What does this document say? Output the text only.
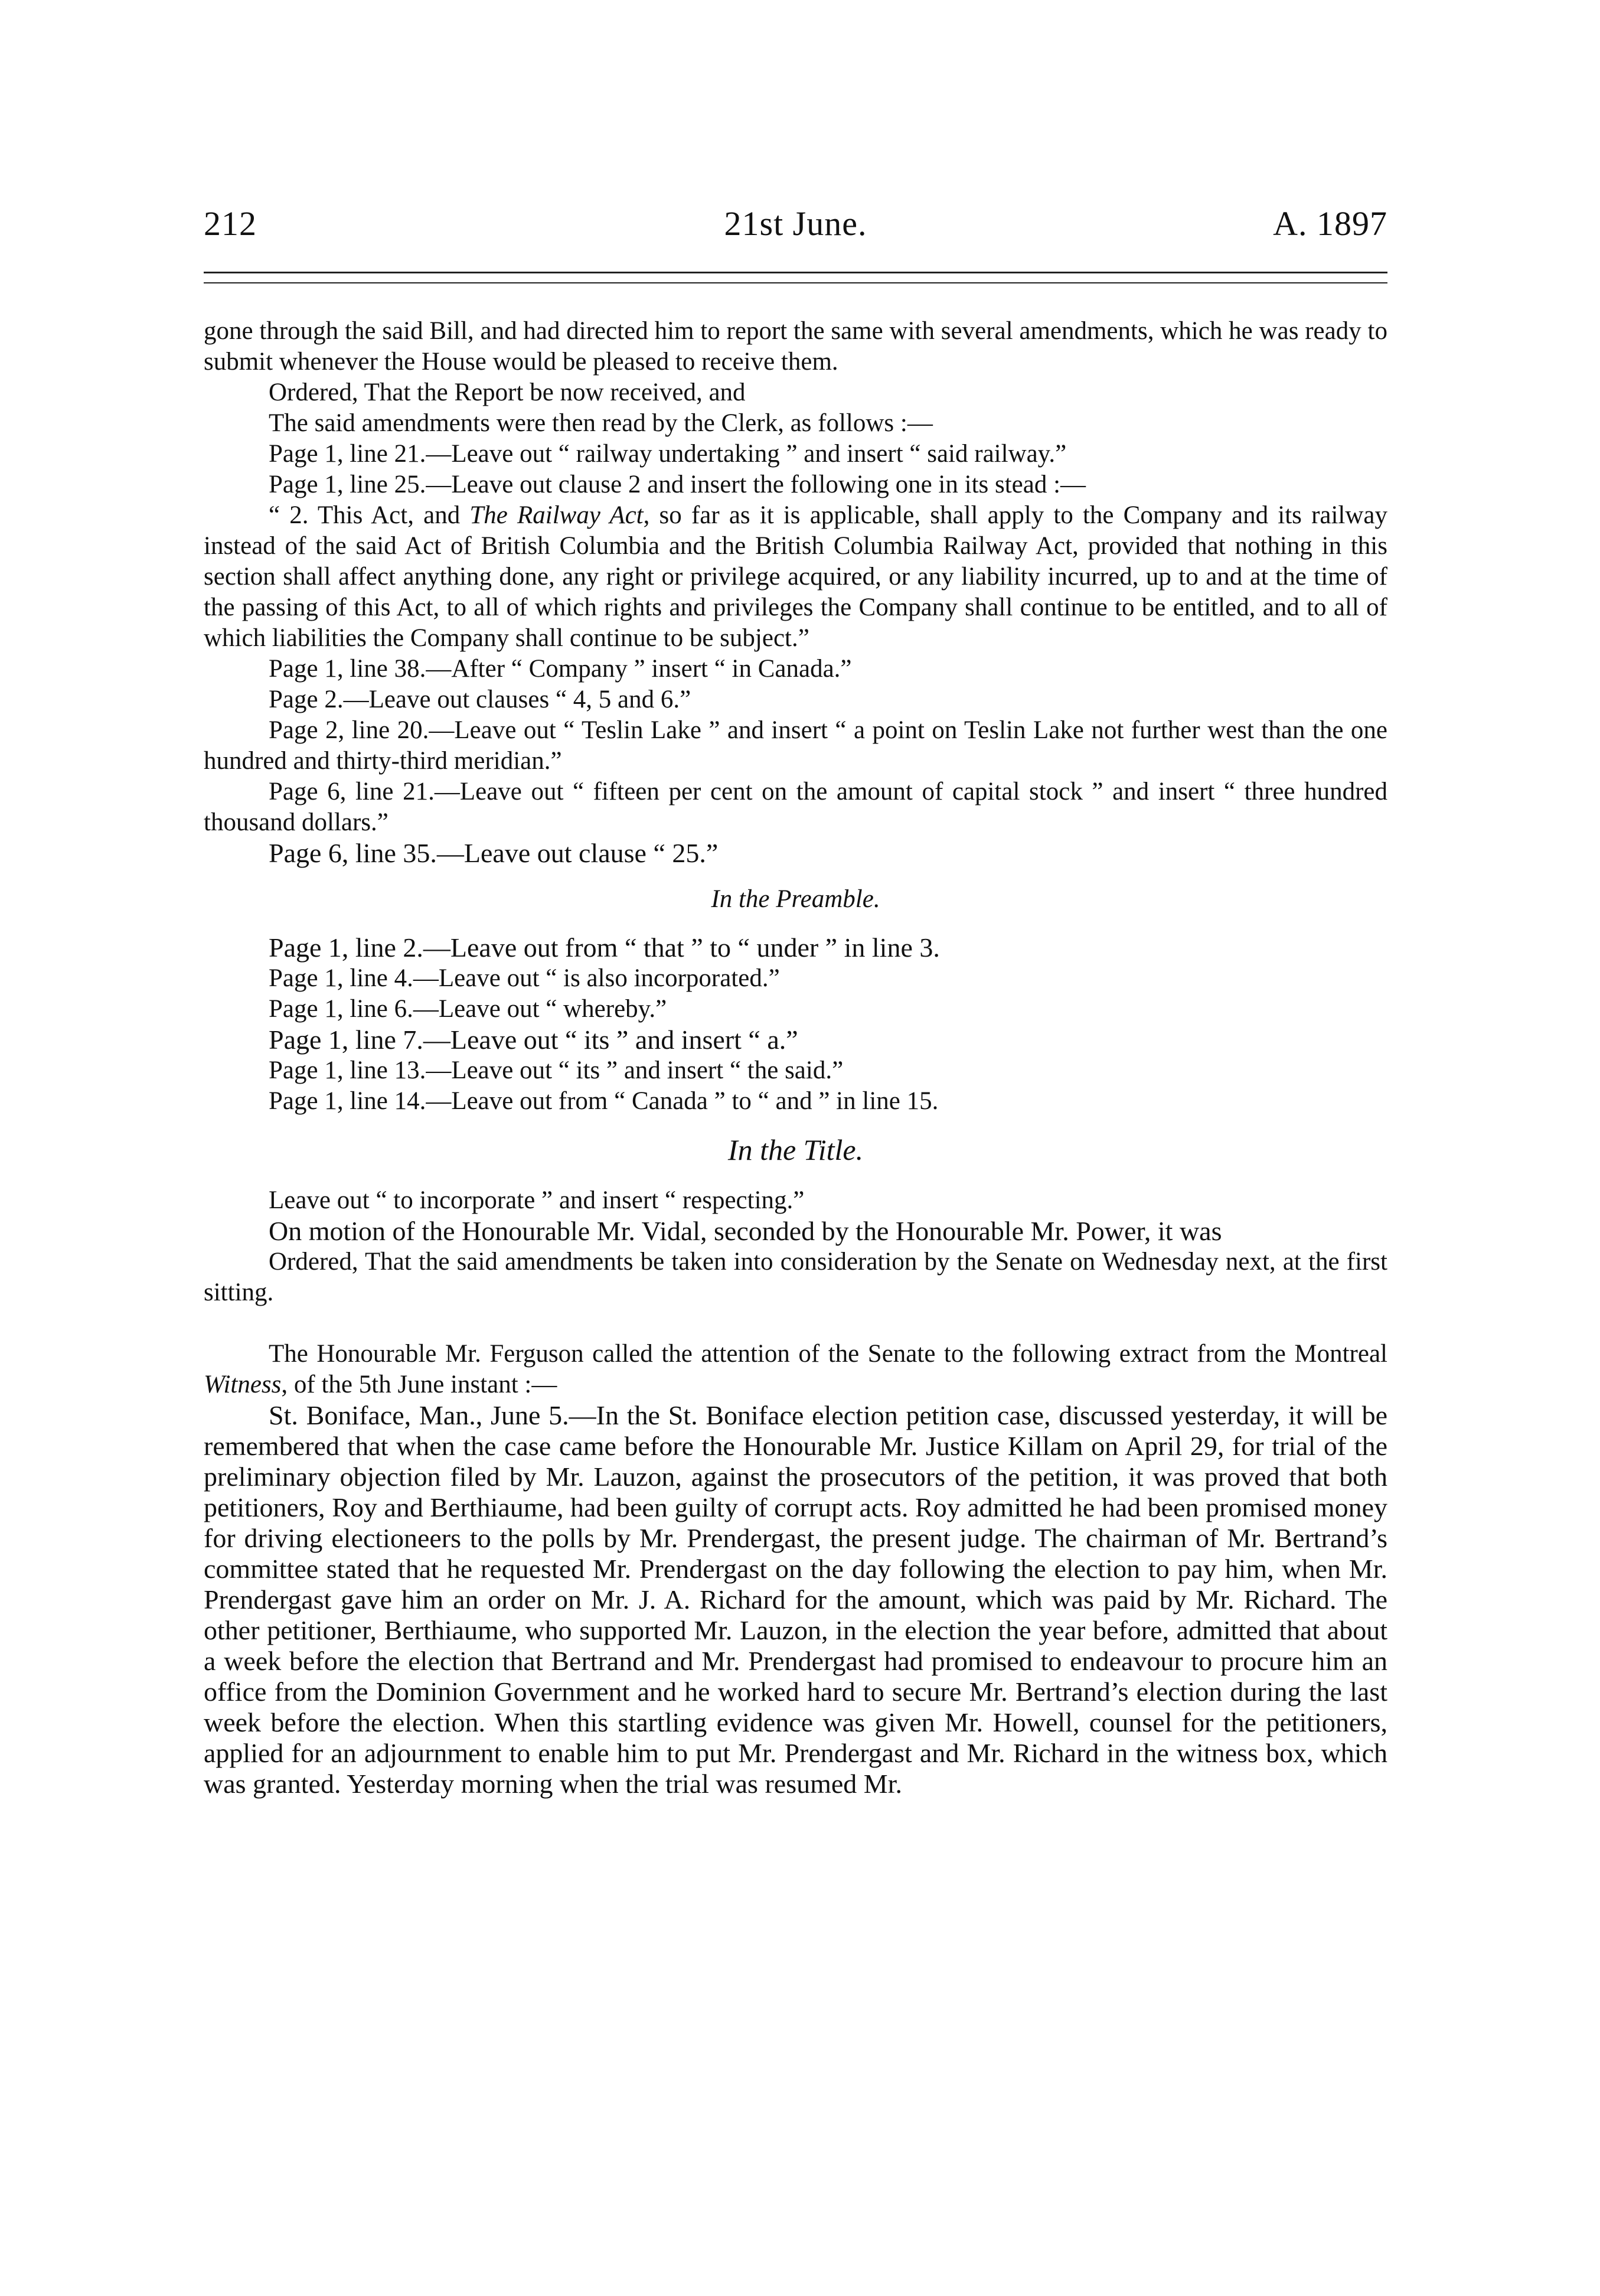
212	21st June.	A. 1897

gone through the said Bill, and had directed him to report the same with several amendments, which he was ready to submit whenever the House would be pleased to receive them.

Ordered, That the Report be now received, and

The said amendments were then read by the Clerk, as follows :—

Page 1, line 21.—Leave out “ railway undertaking ” and insert “ said railway.”

Page 1, line 25.—Leave out clause 2 and insert the following one in its stead :—

“ 2. This Act, and The Railway Act, so far as it is applicable, shall apply to the Company and its railway instead of the said Act of British Columbia and the British Columbia Railway Act, provided that nothing in this section shall affect anything done, any right or privilege acquired, or any liability incurred, up to and at the time of the passing of this Act, to all of which rights and privileges the Company shall continue to be entitled, and to all of which liabilities the Company shall continue to be subject.”

Page 1, line 38.—After “ Company ” insert “ in Canada.”

Page 2.—Leave out clauses “ 4, 5 and 6.”

Page 2, line 20.—Leave out “ Teslin Lake ” and insert “ a point on Teslin Lake not further west than the one hundred and thirty-third meridian.”

Page 6, line 21.—Leave out “ fifteen per cent on the amount of capital stock ” and insert “ three hundred thousand dollars.”

Page 6, line 35.—Leave out clause “ 25.”

In the Preamble.

Page 1, line 2.—Leave out from “ that ” to “ under ” in line 3.

Page 1, line 4.—Leave out “ is also incorporated.”

Page 1, line 6.—Leave out “ whereby.”

Page 1, line 7.—Leave out “ its ” and insert “ a.”

Page 1, line 13.—Leave out “ its ” and insert “ the said.”

Page 1, line 14.—Leave out from “ Canada ” to “ and ” in line 15.

In the Title.

Leave out “ to incorporate ” and insert “ respecting.”

On motion of the Honourable Mr. Vidal, seconded by the Honourable Mr. Power, it was

Ordered, That the said amendments be taken into consideration by the Senate on Wednesday next, at the first sitting.

The Honourable Mr. Ferguson called the attention of the Senate to the following extract from the Montreal Witness, of the 5th June instant :—

St. Boniface, Man., June 5.—In the St. Boniface election petition case, discussed yesterday, it will be remembered that when the case came before the Honourable Mr. Justice Killam on April 29, for trial of the preliminary objection filed by Mr. Lauzon, against the prosecutors of the petition, it was proved that both petitioners, Roy and Berthiaume, had been guilty of corrupt acts. Roy admitted he had been promised money for driving electioneers to the polls by Mr. Prendergast, the present judge. The chairman of Mr. Bertrand’s committee stated that he requested Mr. Prendergast on the day following the election to pay him, when Mr. Prendergast gave him an order on Mr. J. A. Richard for the amount, which was paid by Mr. Richard. The other petitioner, Berthiaume, who supported Mr. Lauzon, in the election the year before, admitted that about a week before the election that Bertrand and Mr. Prendergast had promised to endeavour to procure him an office from the Dominion Government and he worked hard to secure Mr. Bertrand’s election during the last week before the election. When this startling evidence was given Mr. Howell, counsel for the petitioners, applied for an adjournment to enable him to put Mr. Prendergast and Mr. Richard in the witness box, which was granted. Yesterday morning when the trial was resumed Mr.
